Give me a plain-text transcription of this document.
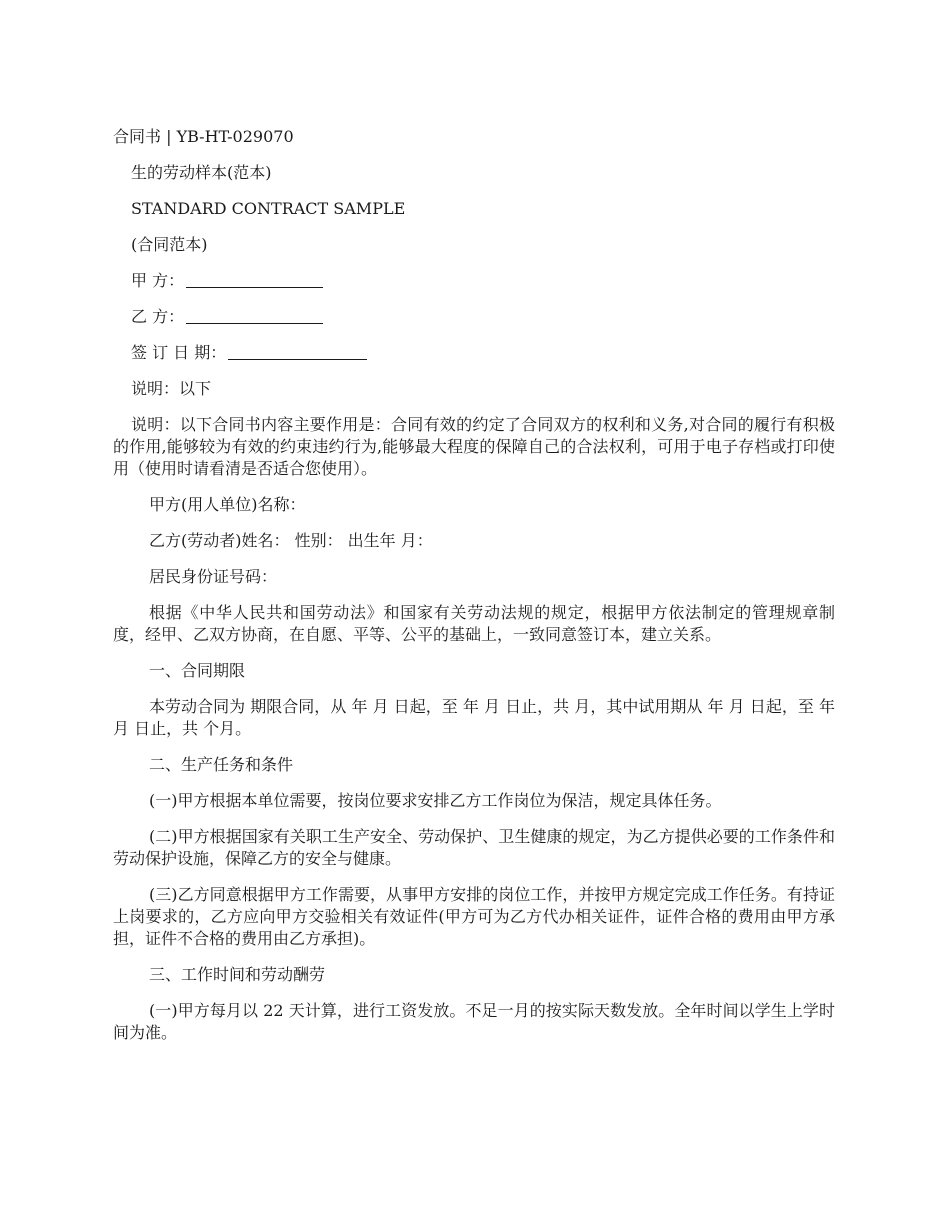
合同书 | YB-HT-029070
生的劳动样本(范本)
STANDARD CONTRACT SAMPLE
(合同范本)
甲 方：
乙 方：
签 订 日 期：
说明：以下
说明：以下合同书内容主要作用是：合同有效的约定了合同双方的权利和义务,对合同的履行有积极的作用,能够较为有效的约束违约行为,能够最大程度的保障自己的合法权利，可用于电子存档或打印使用（使用时请看清是否适合您使用）。
甲方(用人单位)名称：
乙方(劳动者)姓名： 性别： 出生年 月：
居民身份证号码：
根据《中华人民共和国劳动法》和国家有关劳动法规的规定，根据甲方依法制定的管理规章制度，经甲、乙双方协商，在自愿、平等、公平的基础上，一致同意签订本，建立关系。
一、合同期限
本劳动合同为 期限合同，从 年 月 日起，至 年 月 日止，共 月，其中试用期从 年 月 日起，至 年 月 日止，共 个月。
二、生产任务和条件
(一)甲方根据本单位需要，按岗位要求安排乙方工作岗位为保洁，规定具体任务。
(二)甲方根据国家有关职工生产安全、劳动保护、卫生健康的规定，为乙方提供必要的工作条件和劳动保护设施，保障乙方的安全与健康。
(三)乙方同意根据甲方工作需要，从事甲方安排的岗位工作，并按甲方规定完成工作任务。有持证上岗要求的，乙方应向甲方交验相关有效证件(甲方可为乙方代办相关证件，证件合格的费用由甲方承担，证件不合格的费用由乙方承担)。
三、工作时间和劳动酬劳
(一)甲方每月以 22 天计算，进行工资发放。不足一月的按实际天数发放。全年时间以学生上学时间为准。
